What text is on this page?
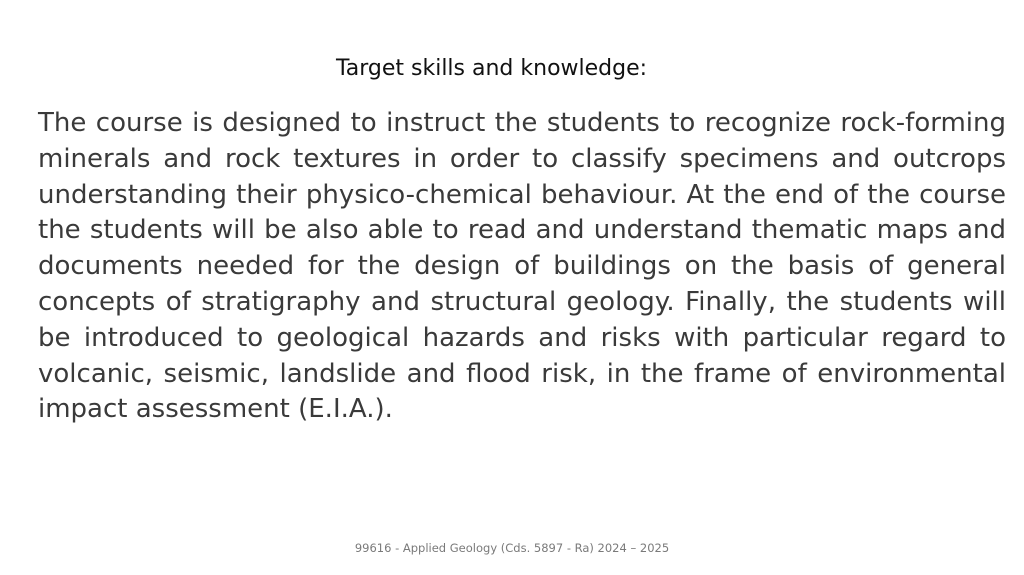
Target skills and knowledge:

The course is designed to instruct the students to recognize rock-forming minerals and rock textures in order to classify specimens and outcrops understanding their physico-chemical behaviour. At the end of the course the students will be also able to read and understand thematic maps and documents needed for the design of buildings on the basis of general concepts of stratigraphy and structural geology. Finally, the students will be introduced to geological hazards and risks with particular regard to volcanic, seismic, landslide and flood risk, in the frame of environmental impact assessment (E.I.A.).

99616 - Applied Geology (Cds. 5897 - Ra) 2024 – 2025
